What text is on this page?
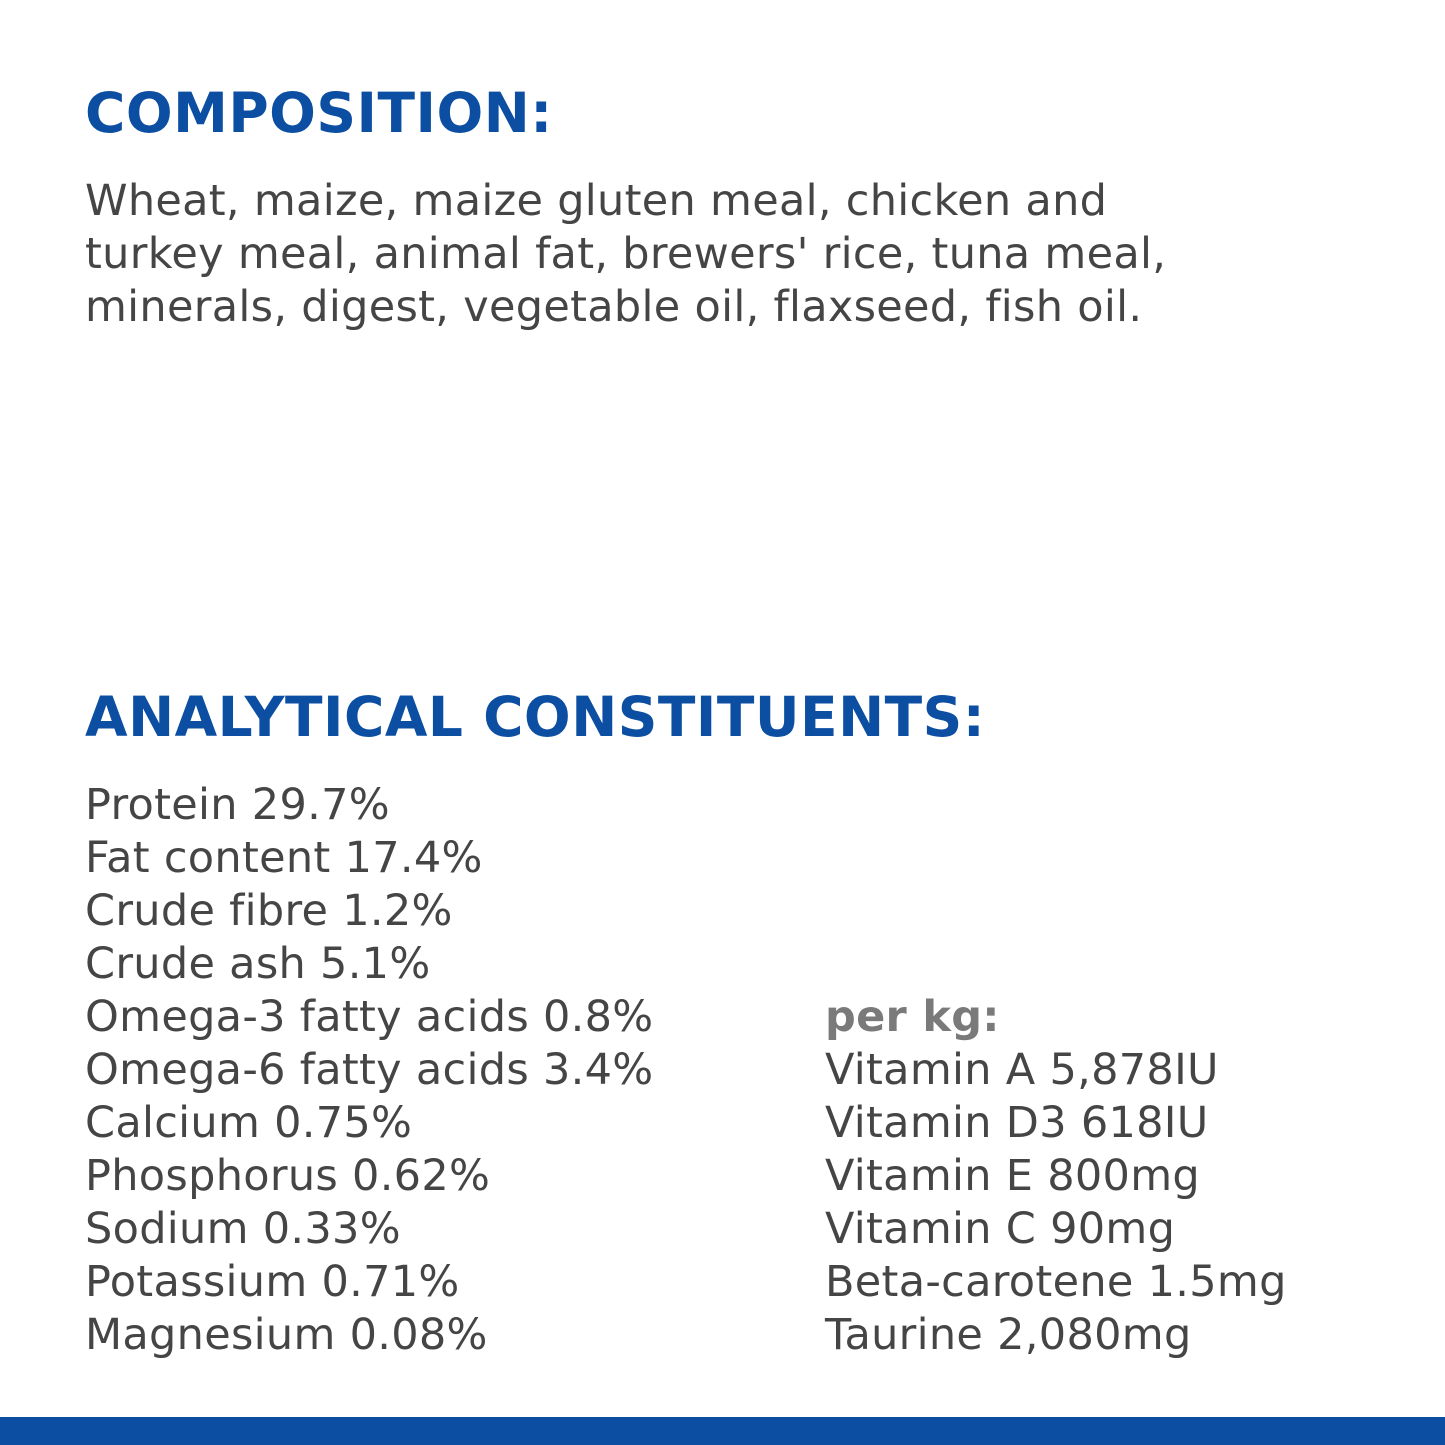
COMPOSITION:

Wheat, maize, maize gluten meal, chicken and
turkey meal, animal fat, brewers' rice, tuna meal,
minerals, digest, vegetable oil, flaxseed, fish oil.

ANALYTICAL CONSTITUENTS:
Protein 29.7%
Fat content 17.4%
Crude fibre 1.2%
Crude ash 5.1%
Omega-3 fatty acids 0.8%
Omega-6 fatty acids 3.4%
Calcium 0.75%
Phosphorus 0.62%
Sodium 0.33%
Potassium 0.71%
Magnesium 0.08%
per kg:
Vitamin A 5,878IU
Vitamin D3 618IU
Vitamin E 800mg
Vitamin C 90mg
Beta-carotene 1.5mg
Taurine 2,080mg
